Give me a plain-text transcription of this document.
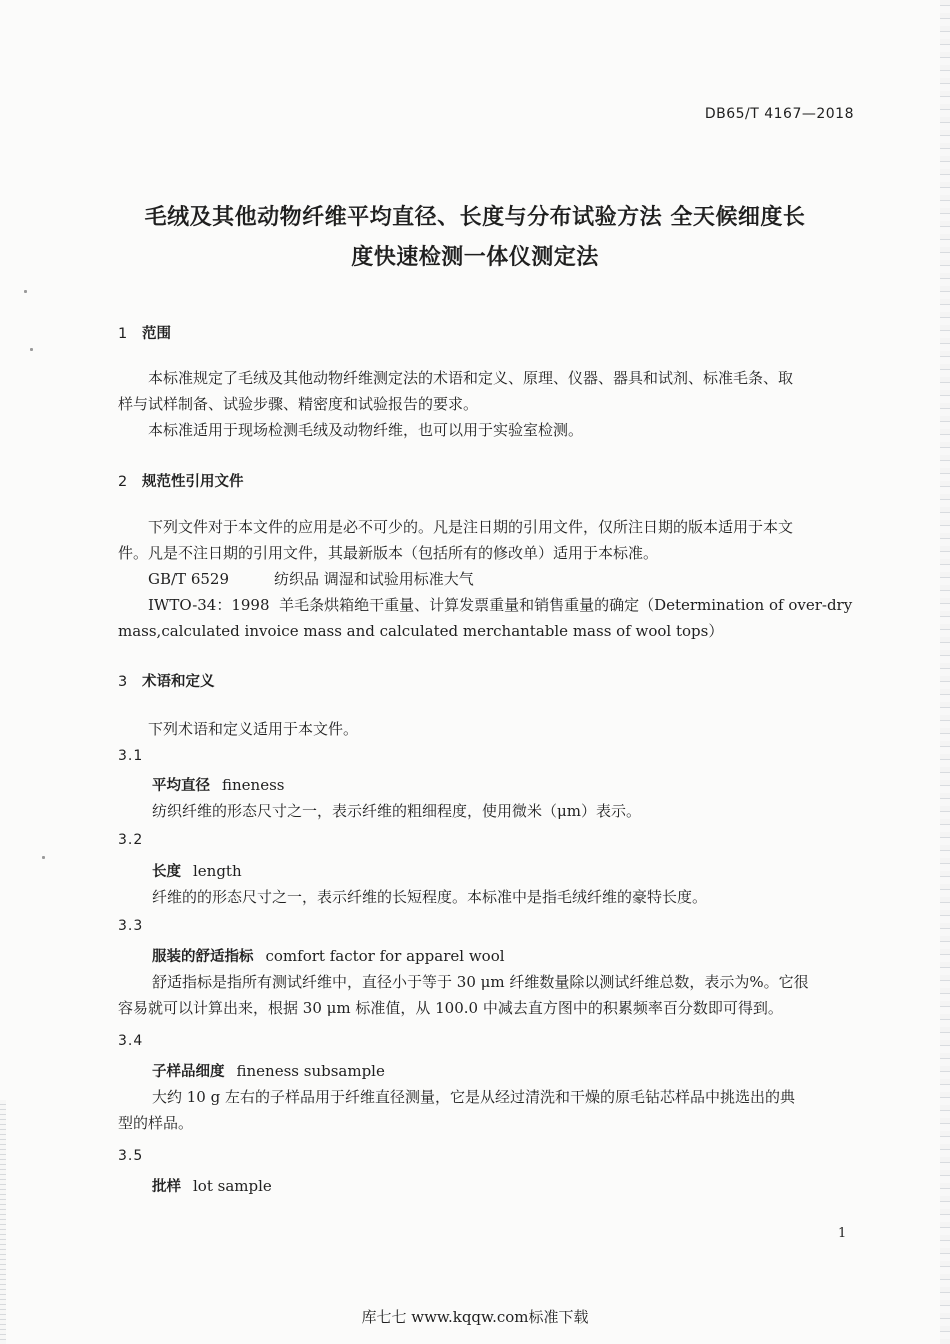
DB65/T 4167—2018
毛绒及其他动物纤维平均直径、长度与分布试验方法 全天候细度长
度快速检测一体仪测定法
1 范围
本标准规定了毛绒及其他动物纤维测定法的术语和定义、原理、仪器、器具和试剂、标准毛条、取
样与试样制备、试验步骤、精密度和试验报告的要求。
本标准适用于现场检测毛绒及动物纤维，也可以用于实验室检测。
2 规范性引用文件
下列文件对于本文件的应用是必不可少的。凡是注日期的引用文件，仅所注日期的版本适用于本文
件。凡是不注日期的引用文件，其最新版本（包括所有的修改单）适用于本标准。
GB/T 6529	纺织品 调湿和试验用标准大气
IWTO-34：1998 羊毛条烘箱绝干重量、计算发票重量和销售重量的确定（Determination of over-dry
mass,calculated invoice mass and calculated merchantable mass of wool tops）
3 术语和定义
下列术语和定义适用于本文件。
3.1
平均直径 fineness
纺织纤维的形态尺寸之一，表示纤维的粗细程度，使用微米（μm）表示。
3.2
长度 length
纤维的的形态尺寸之一，表示纤维的长短程度。本标准中是指毛绒纤维的豪特长度。
3.3
服装的舒适指标 comfort factor for apparel wool
舒适指标是指所有测试纤维中，直径小于等于 30 μm 纤维数量除以测试纤维总数，表示为%。它很
容易就可以计算出来，根据 30 μm 标准值，从 100.0 中减去直方图中的积累频率百分数即可得到。
3.4
子样品细度 fineness subsample
大约 10 g 左右的子样品用于纤维直径测量，它是从经过清洗和干燥的原毛钻芯样品中挑选出的典
型的样品。
3.5
批样 lot sample
1
库七七 www.kqqw.com标准下载
